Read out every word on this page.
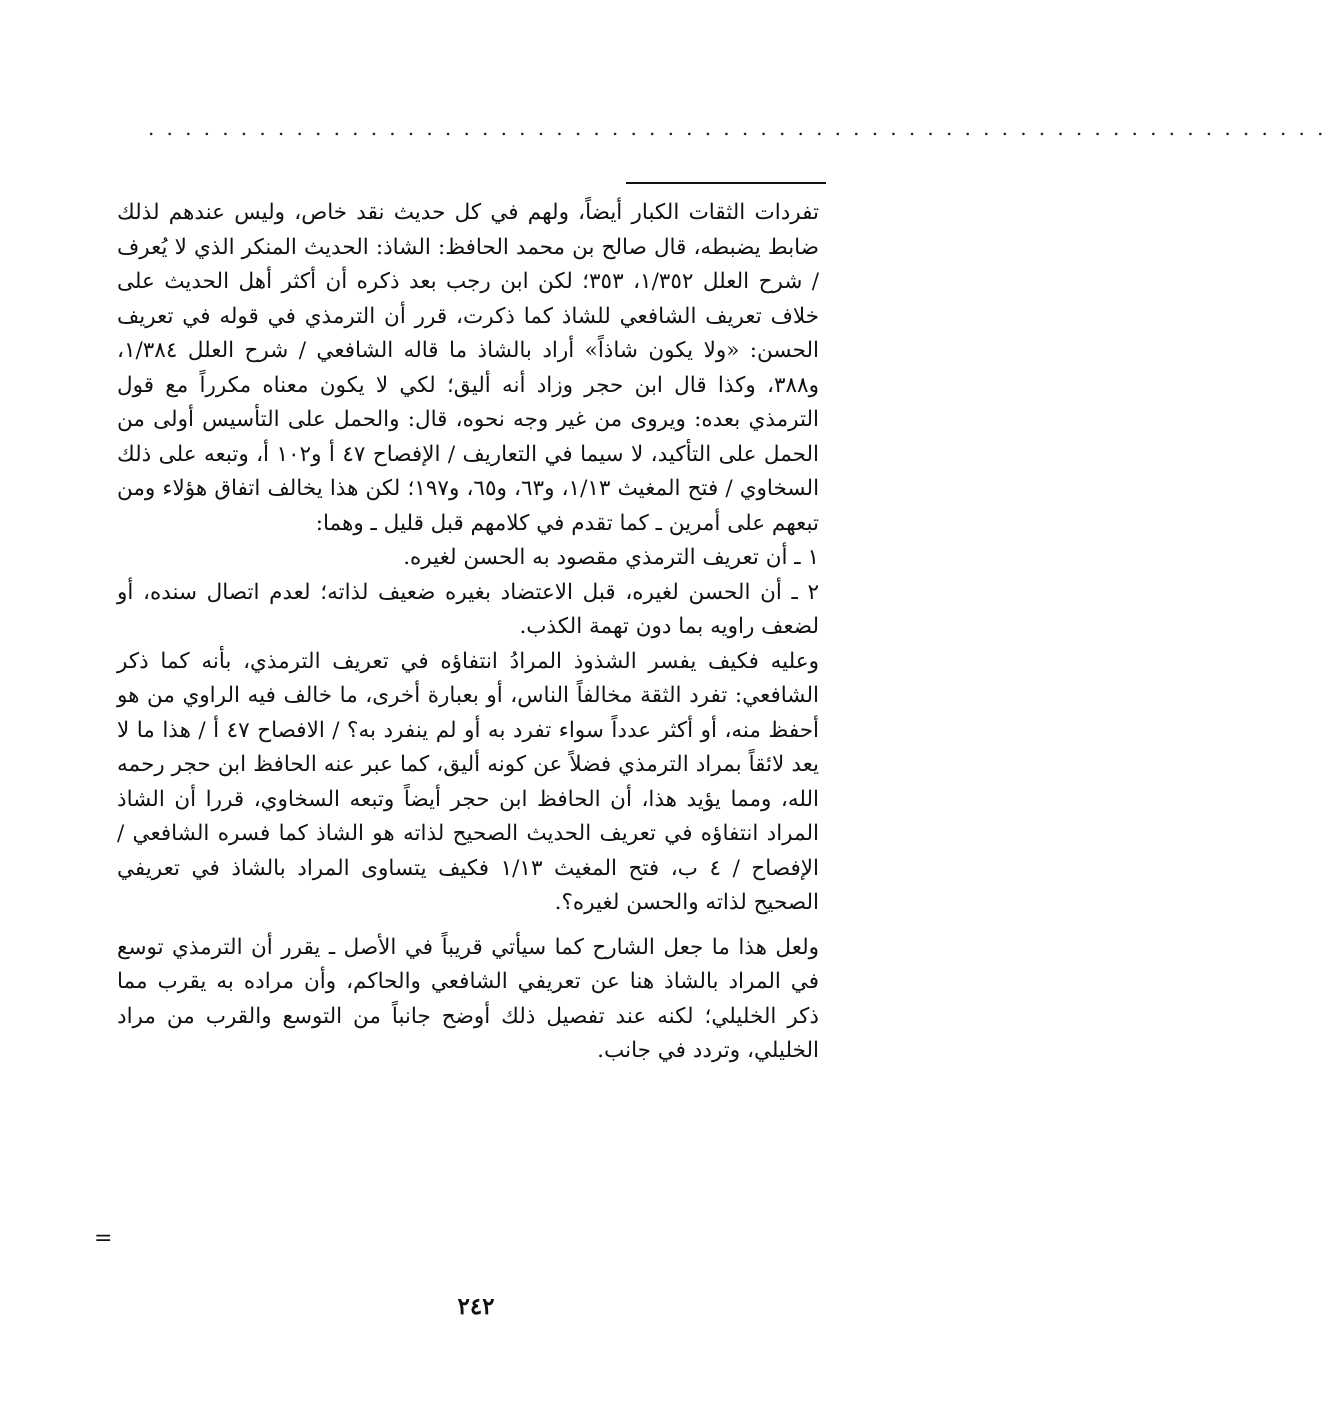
................................................................

تفردات الثقات الكبار أيضاً، ولهم في كل حديث نقد خاص، وليس عندهم لذلك ضابط يضبطه، قال صالح بن محمد الحافظ: الشاذ: الحديث المنكر الذي لا يُعرف / شرح العلل ١/٣٥٢، ٣٥٣؛ لكن ابن رجب بعد ذكره أن أكثر أهل الحديث على خلاف تعريف الشافعي للشاذ كما ذكرت، قرر أن الترمذي في قوله في تعريف الحسن: «ولا يكون شاذاً» أراد بالشاذ ما قاله الشافعي / شرح العلل ١/٣٨٤، و٣٨٨، وكذا قال ابن حجر وزاد أنه أليق؛ لكي لا يكون معناه مكرراً مع قول الترمذي بعده: ويروى من غير وجه نحوه، قال: والحمل على التأسيس أولى من الحمل على التأكيد، لا سيما في التعاريف / الإفصاح ٤٧ أ و١٠٢ أ، وتبعه على ذلك السخاوي / فتح المغيث ١/١٣، و٦٣، و٦٥، و١٩٧؛ لكن هذا يخالف اتفاق هؤلاء ومن تبعهم على أمرين ـ كما تقدم في كلامهم قبل قليل ـ وهما:

١ ـ أن تعريف الترمذي مقصود به الحسن لغيره.

٢ ـ أن الحسن لغيره، قبل الاعتضاد بغيره ضعيف لذاته؛ لعدم اتصال سنده، أو لضعف راويه بما دون تهمة الكذب.

وعليه فكيف يفسر الشذوذ المرادُ انتفاؤه في تعريف الترمذي، بأنه كما ذكر الشافعي: تفرد الثقة مخالفاً الناس، أو بعبارة أخرى، ما خالف فيه الراوي من هو أحفظ منه، أو أكثر عدداً سواء تفرد به أو لم ينفرد به؟ / الافصاح ٤٧ أ / هذا ما لا يعد لائقاً بمراد الترمذي فضلاً عن كونه أليق، كما عبر عنه الحافظ ابن حجر رحمه الله، ومما يؤيد هذا، أن الحافظ ابن حجر أيضاً وتبعه السخاوي، قررا أن الشاذ المراد انتفاؤه في تعريف الحديث الصحيح لذاته هو الشاذ كما فسره الشافعي / الإفصاح / ٤ ب، فتح المغيث ١/١٣ فكيف يتساوى المراد بالشاذ في تعريفي الصحيح لذاته والحسن لغيره؟.

ولعل هذا ما جعل الشارح كما سيأتي قريباً في الأصل ـ يقرر أن الترمذي توسع في المراد بالشاذ هنا عن تعريفي الشافعي والحاكم، وأن مراده به يقرب مما ذكر الخليلي؛ لكنه عند تفصيل ذلك أوضح جانباً من التوسع والقرب من مراد الخليلي، وتردد في جانب.

=
٢٤٢
